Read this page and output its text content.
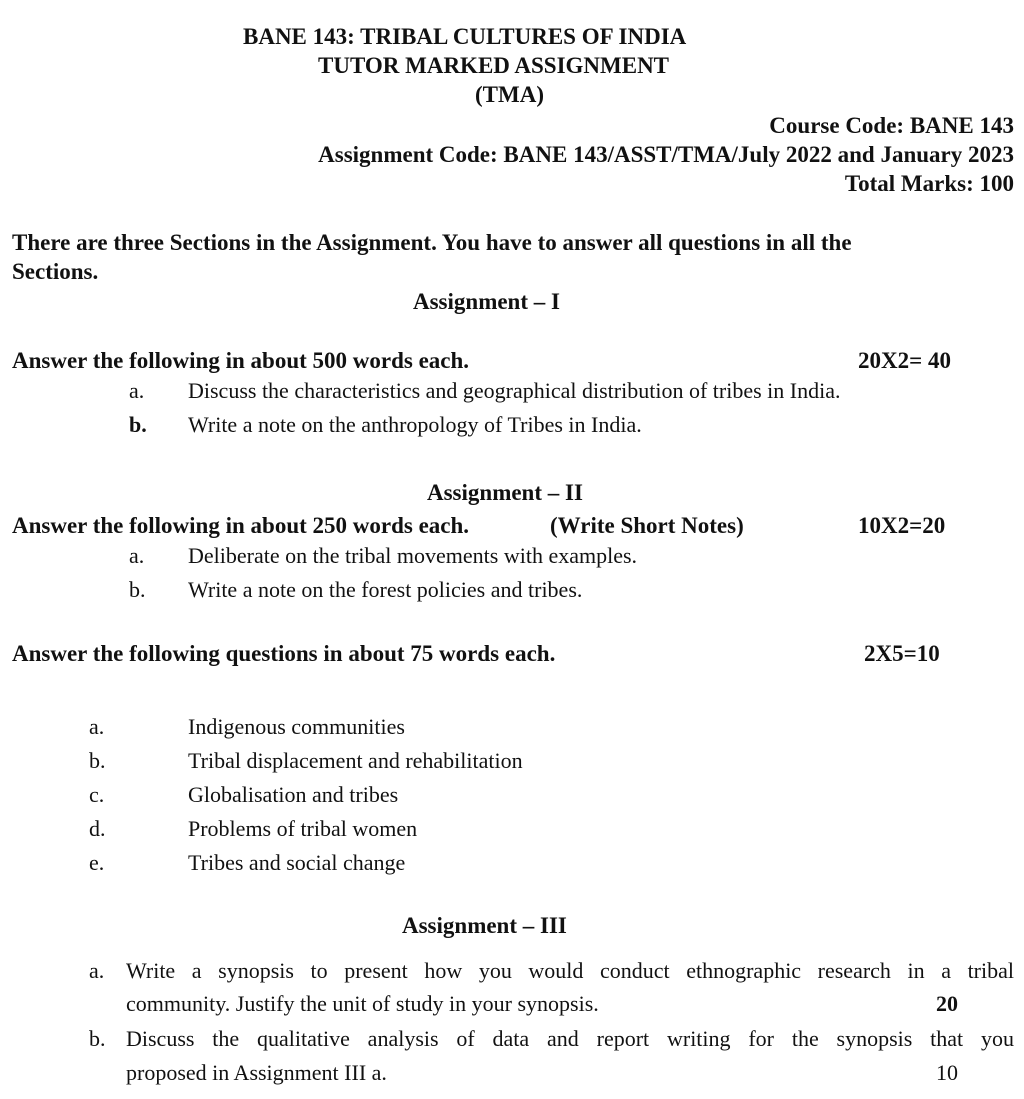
BANE 143: TRIBAL CULTURES OF INDIA
TUTOR MARKED ASSIGNMENT
(TMA)
Course Code: BANE 143
Assignment Code: BANE 143/ASST/TMA/July 2022 and January 2023
Total Marks: 100
There are three Sections in the Assignment. You have to answer all questions in all the
Sections.
Assignment – I
Answer the following in about 500 words each.	20X2= 40
a. Discuss the characteristics and geographical distribution of tribes in India.
b. Write a note on the anthropology of Tribes in India.
Assignment – II
Answer the following in about 250 words each.	(Write Short Notes)	10X2=20
a. Deliberate on the tribal movements with examples.
b. Write a note on the forest policies and tribes.
Answer the following questions in about 75 words each.	2X5=10
a.	Indigenous communities
b.	Tribal displacement and rehabilitation
c.	Globalisation and tribes
d.	Problems of tribal women
e.	Tribes and social change
Assignment – III
a. Write a synopsis to present how you would conduct ethnographic research in a tribal
community. Justify the unit of study in your synopsis.	20
b. Discuss the qualitative analysis of data and report writing for the synopsis that you
proposed in Assignment III a.	10
